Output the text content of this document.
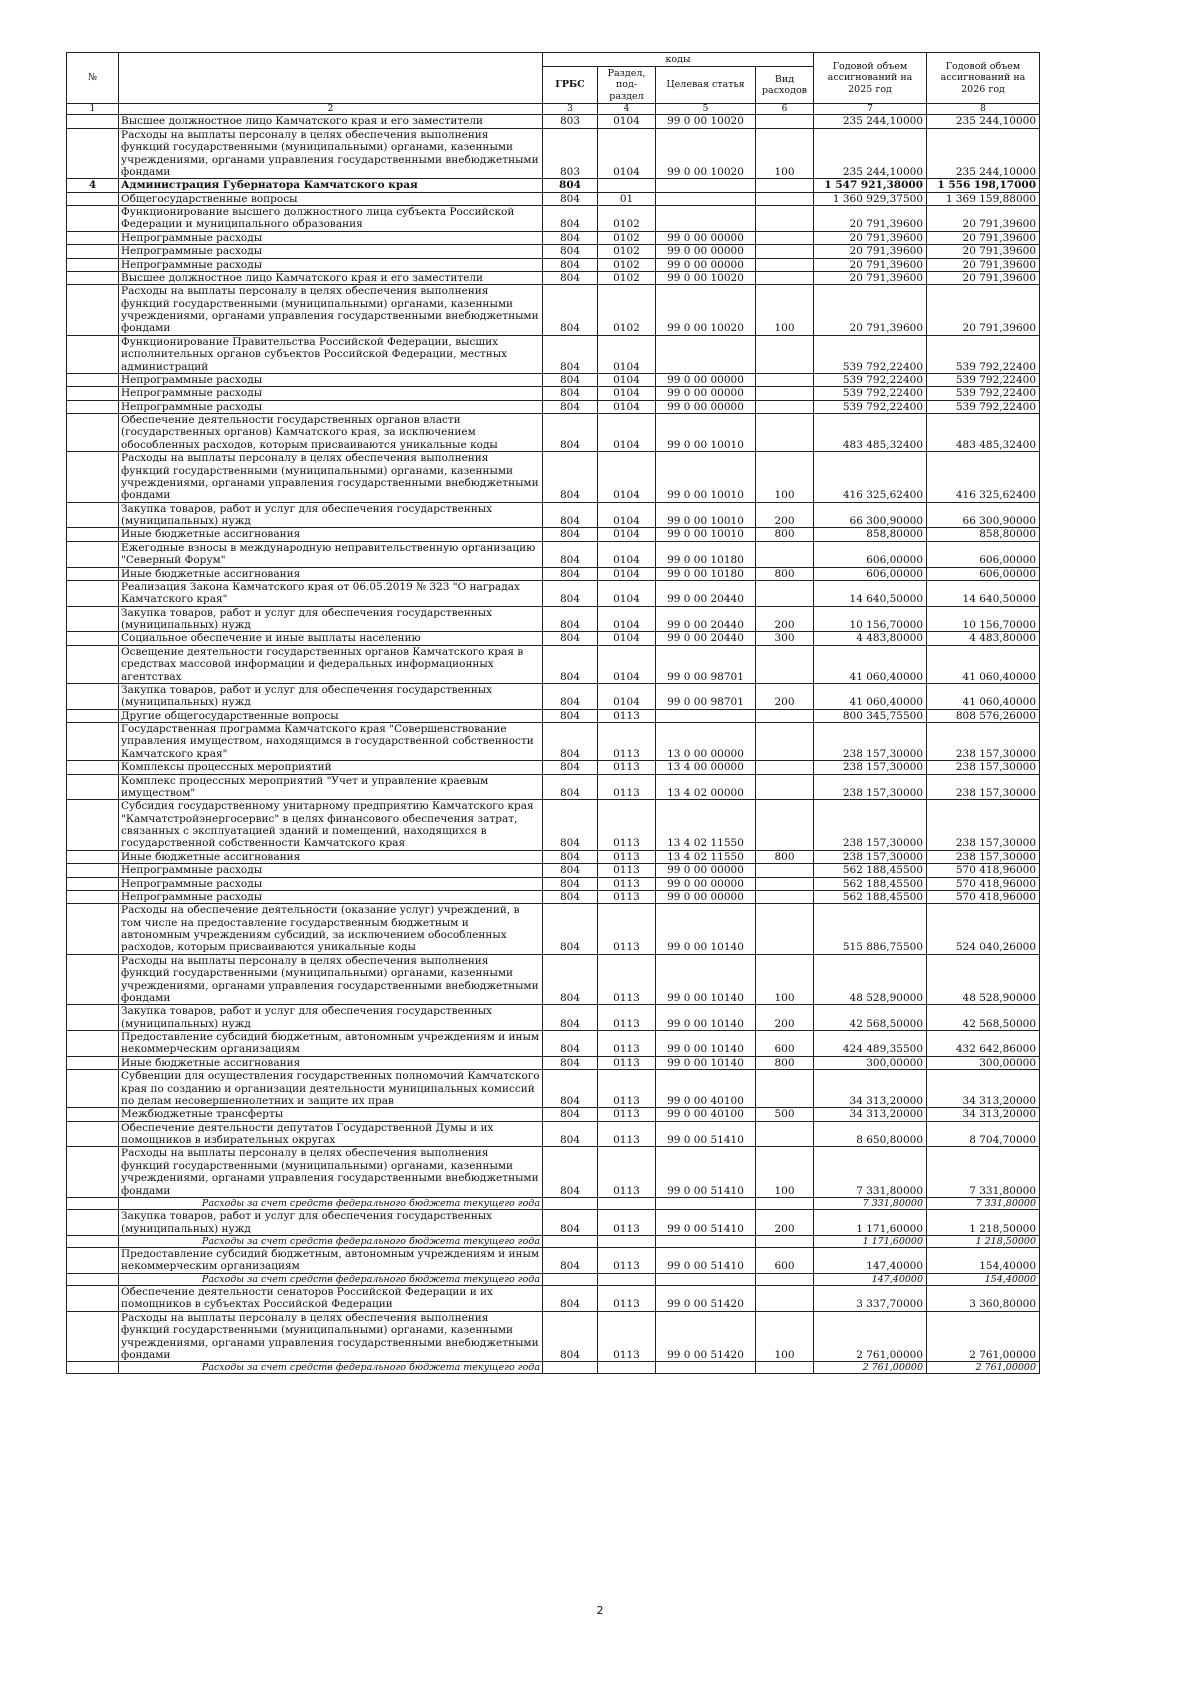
№		коды				Годовой объем ассигнований на 2025 год	Годовой объем ассигнований на 2026 год
		ГРБС	Раздел, под-раздел	Целевая статья	Вид расходов		
1	2	3	4	5	6	7	8
	Высшее должностное лицо Камчатского края и его заместители	803	0104	99 0 00 10020		235 244,10000	235 244,10000
	Расходы на выплаты персоналу в целях обеспечения выполнения функций государственными (муниципальными) органами, казенными учреждениями, органами управления государственными внебюджетными фондами	803	0104	99 0 00 10020	100	235 244,10000	235 244,10000
4	Администрация Губернатора Камчатского края	804				1 547 921,38000	1 556 198,17000
	Общегосударственные вопросы	804	01			1 360 929,37500	1 369 159,88000
	Функционирование высшего должностного лица субъекта Российской Федерации и муниципального образования	804	0102			20 791,39600	20 791,39600
	Непрограммные расходы	804	0102	99 0 00 00000		20 791,39600	20 791,39600
	Непрограммные расходы	804	0102	99 0 00 00000		20 791,39600	20 791,39600
	Непрограммные расходы	804	0102	99 0 00 00000		20 791,39600	20 791,39600
	Высшее должностное лицо Камчатского края и его заместители	804	0102	99 0 00 10020		20 791,39600	20 791,39600
	Расходы на выплаты персоналу в целях обеспечения выполнения функций государственными (муниципальными) органами, казенными учреждениями, органами управления государственными внебюджетными фондами	804	0102	99 0 00 10020	100	20 791,39600	20 791,39600
	Функционирование Правительства Российской Федерации, высших исполнительных органов субъектов Российской Федерации, местных администраций	804	0104			539 792,22400	539 792,22400
	Непрограммные расходы	804	0104	99 0 00 00000		539 792,22400	539 792,22400
	Непрограммные расходы	804	0104	99 0 00 00000		539 792,22400	539 792,22400
	Непрограммные расходы	804	0104	99 0 00 00000		539 792,22400	539 792,22400
	Обеспечение деятельности государственных органов власти (государственных органов) Камчатского края, за исключением обособленных расходов, которым присваиваются уникальные коды	804	0104	99 0 00 10010		483 485,32400	483 485,32400
	Расходы на выплаты персоналу в целях обеспечения выполнения функций государственными (муниципальными) органами, казенными учреждениями, органами управления государственными внебюджетными фондами	804	0104	99 0 00 10010	100	416 325,62400	416 325,62400
	Закупка товаров, работ и услуг для обеспечения государственных (муниципальных) нужд	804	0104	99 0 00 10010	200	66 300,90000	66 300,90000
	Иные бюджетные ассигнования	804	0104	99 0 00 10010	800	858,80000	858,80000
	Ежегодные взносы в международную неправительственную организацию "Северный Форум"	804	0104	99 0 00 10180		606,00000	606,00000
	Иные бюджетные ассигнования	804	0104	99 0 00 10180	800	606,00000	606,00000
	Реализация Закона Камчатского края от 06.05.2019 № 323 "О наградах Камчатского края"	804	0104	99 0 00 20440		14 640,50000	14 640,50000
	Закупка товаров, работ и услуг для обеспечения государственных (муниципальных) нужд	804	0104	99 0 00 20440	200	10 156,70000	10 156,70000
	Социальное обеспечение и иные выплаты населению	804	0104	99 0 00 20440	300	4 483,80000	4 483,80000
	Освещение деятельности государственных органов Камчатского края в средствах массовой информации и федеральных информационных агентствах	804	0104	99 0 00 98701		41 060,40000	41 060,40000
	Закупка товаров, работ и услуг для обеспечения государственных (муниципальных) нужд	804	0104	99 0 00 98701	200	41 060,40000	41 060,40000
	Другие общегосударственные вопросы	804	0113			800 345,75500	808 576,26000
	Государственная программа Камчатского края "Совершенствование управления имуществом, находящимся в государственной собственности Камчатского края"	804	0113	13 0 00 00000		238 157,30000	238 157,30000
	Комплексы процессных мероприятий	804	0113	13 4 00 00000		238 157,30000	238 157,30000
	Комплекс процессных мероприятий "Учет и управление краевым имуществом"	804	0113	13 4 02 00000		238 157,30000	238 157,30000
	Субсидия государственному унитарному предприятию Камчатского края "Камчатстройэнергосервис" в целях финансового обеспечения затрат, связанных с эксплуатацией зданий и помещений, находящихся в государственной собственности Камчатского края	804	0113	13 4 02 11550		238 157,30000	238 157,30000
	Иные бюджетные ассигнования	804	0113	13 4 02 11550	800	238 157,30000	238 157,30000
	Непрограммные расходы	804	0113	99 0 00 00000		562 188,45500	570 418,96000
	Непрограммные расходы	804	0113	99 0 00 00000		562 188,45500	570 418,96000
	Непрограммные расходы	804	0113	99 0 00 00000		562 188,45500	570 418,96000
	Расходы на обеспечение деятельности (оказание услуг) учреждений, в том числе на предоставление государственным бюджетным и автономным учреждениям субсидий, за исключением обособленных расходов, которым присваиваются уникальные коды	804	0113	99 0 00 10140		515 886,75500	524 040,26000
	Расходы на выплаты персоналу в целях обеспечения выполнения функций государственными (муниципальными) органами, казенными учреждениями, органами управления государственными внебюджетными фондами	804	0113	99 0 00 10140	100	48 528,90000	48 528,90000
	Закупка товаров, работ и услуг для обеспечения государственных (муниципальных) нужд	804	0113	99 0 00 10140	200	42 568,50000	42 568,50000
	Предоставление субсидий бюджетным, автономным учреждениям и иным некоммерческим организациям	804	0113	99 0 00 10140	600	424 489,35500	432 642,86000
	Иные бюджетные ассигнования	804	0113	99 0 00 10140	800	300,00000	300,00000
	Субвенции для осуществления государственных полномочий Камчатского края по созданию и организации деятельности муниципальных комиссий по делам несовершеннолетних и защите их прав	804	0113	99 0 00 40100		34 313,20000	34 313,20000
	Межбюджетные трансферты	804	0113	99 0 00 40100	500	34 313,20000	34 313,20000
	Обеспечение деятельности депутатов Государственной Думы и их помощников в избирательных округах	804	0113	99 0 00 51410		8 650,80000	8 704,70000
	Расходы на выплаты персоналу в целях обеспечения выполнения функций государственными (муниципальными) органами, казенными учреждениями, органами управления государственными внебюджетными фондами	804	0113	99 0 00 51410	100	7 331,80000	7 331,80000
	Расходы за счет средств федерального бюджета текущего года					7 331,80000	7 331,80000
	Закупка товаров, работ и услуг для обеспечения государственных (муниципальных) нужд	804	0113	99 0 00 51410	200	1 171,60000	1 218,50000
	Расходы за счет средств федерального бюджета текущего года					1 171,60000	1 218,50000
	Предоставление субсидий бюджетным, автономным учреждениям и иным некоммерческим организациям	804	0113	99 0 00 51410	600	147,40000	154,40000
	Расходы за счет средств федерального бюджета текущего года					147,40000	154,40000
	Обеспечение деятельности сенаторов Российской Федерации и их помощников в субъектах Российской Федерации	804	0113	99 0 00 51420		3 337,70000	3 360,80000
	Расходы на выплаты персоналу в целях обеспечения выполнения функций государственными (муниципальными) органами, казенными учреждениями, органами управления государственными внебюджетными фондами	804	0113	99 0 00 51420	100	2 761,00000	2 761,00000
	Расходы за счет средств федерального бюджета текущего года					2 761,00000	2 761,00000
2
